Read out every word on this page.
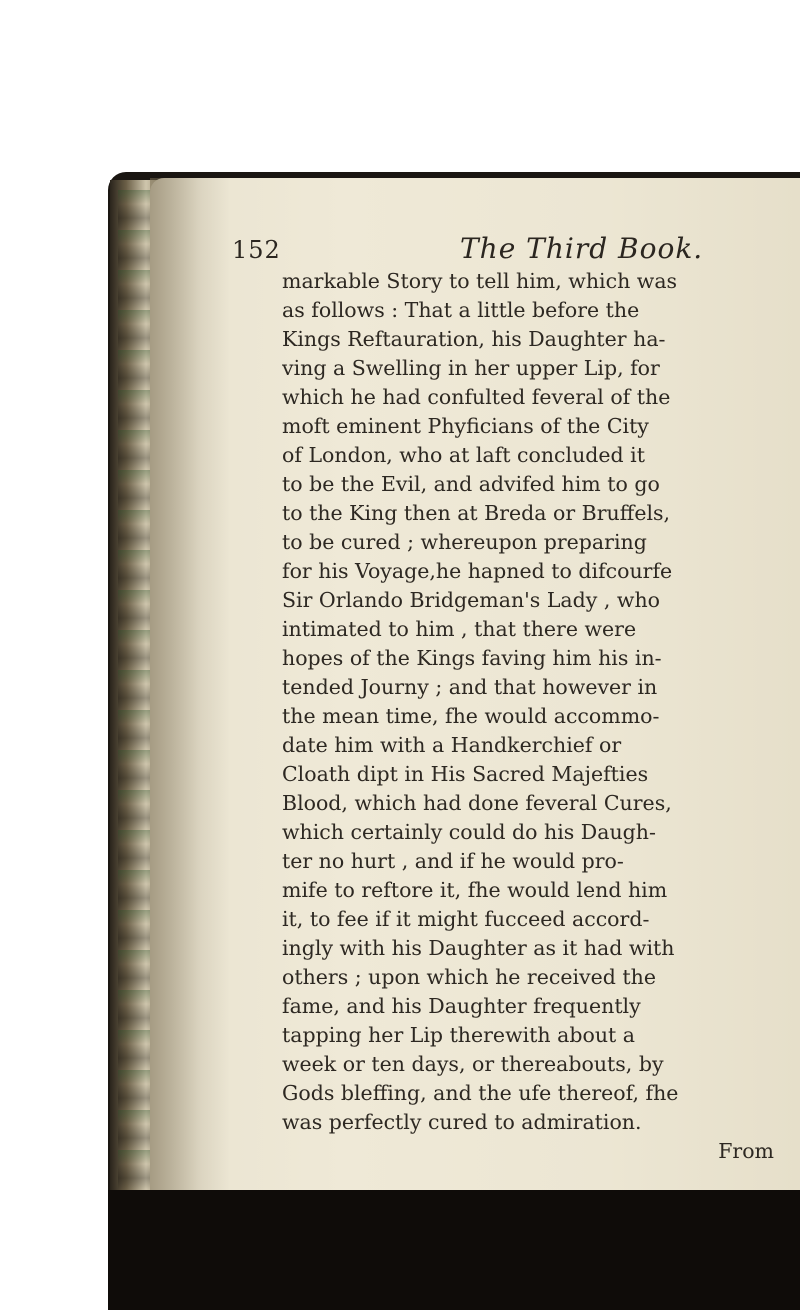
152	The Third Book.

markable Story to tell him, which was

as follows : That a little before the

Kings Reftauration, his Daughter ha-

ving a Swelling in her upper Lip, for

which he had confulted feveral of the

moft eminent Phyficians of the City

of London, who at laft concluded it

to be the Evil, and advifed him to go

to the King then at Breda or Bruffels,

to be cured ; whereupon preparing

for his Voyage,he hapned to difcourfe

Sir Orlando Bridgeman's Lady , who

intimated to him , that there were

hopes of the Kings faving him his in-

tended Journy ; and that however in

the mean time, fhe would accommo-

date him with a Handkerchief or

Cloath dipt in His Sacred Majefties

Blood, which had done feveral Cures,

which certainly could do his Daugh-

ter no hurt , and if he would pro-

mife to reftore it, fhe would lend him

it, to fee if it might fucceed accord-

ingly with his Daughter as it had with

others ; upon which he received the

fame, and his Daughter frequently

tapping her Lip therewith about a

week or ten days, or thereabouts, by

Gods bleffing, and the ufe thereof, fhe

was perfectly cured to admiration.

From
